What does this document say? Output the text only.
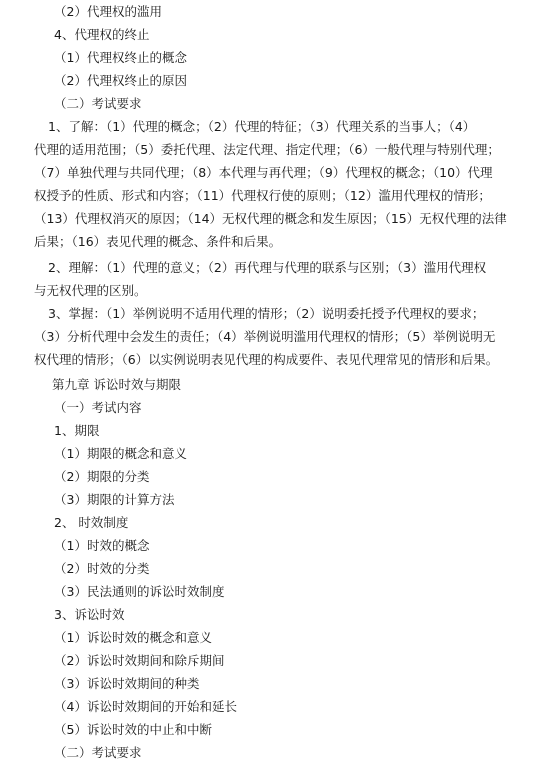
（2）代理权的滥用
4、代理权的终止
（1）代理权终止的概念
（2）代理权终止的原因
（二）考试要求
1、了解：（1）代理的概念；（2）代理的特征；（3）代理关系的当事人；（4）
代理的适用范围；（5）委托代理、法定代理、指定代理；（6）一般代理与特别代理；
（7）单独代理与共同代理；（8）本代理与再代理；（9）代理权的概念；（10）代理
权授予的性质、形式和内容；（11）代理权行使的原则；（12）滥用代理权的情形；
（13）代理权消灭的原因；（14）无权代理的概念和发生原因；（15）无权代理的法律
后果；（16）表见代理的概念、条件和后果。
2、理解：（1）代理的意义；（2）再代理与代理的联系与区别；（3）滥用代理权
与无权代理的区别。
3、掌握：（1）举例说明不适用代理的情形；（2）说明委托授予代理权的要求；
（3）分析代理中会发生的责任；（4）举例说明滥用代理权的情形；（5）举例说明无
权代理的情形；（6）以实例说明表见代理的构成要件、表见代理常见的情形和后果。
第九章 诉讼时效与期限
（一）考试内容
1、期限
（1）期限的概念和意义
（2）期限的分类
（3）期限的计算方法
2、 时效制度
（1）时效的概念
（2）时效的分类
（3）民法通则的诉讼时效制度
3、诉讼时效
（1）诉讼时效的概念和意义
（2）诉讼时效期间和除斥期间
（3）诉讼时效期间的种类
（4）诉讼时效期间的开始和延长
（5）诉讼时效的中止和中断
（二）考试要求
